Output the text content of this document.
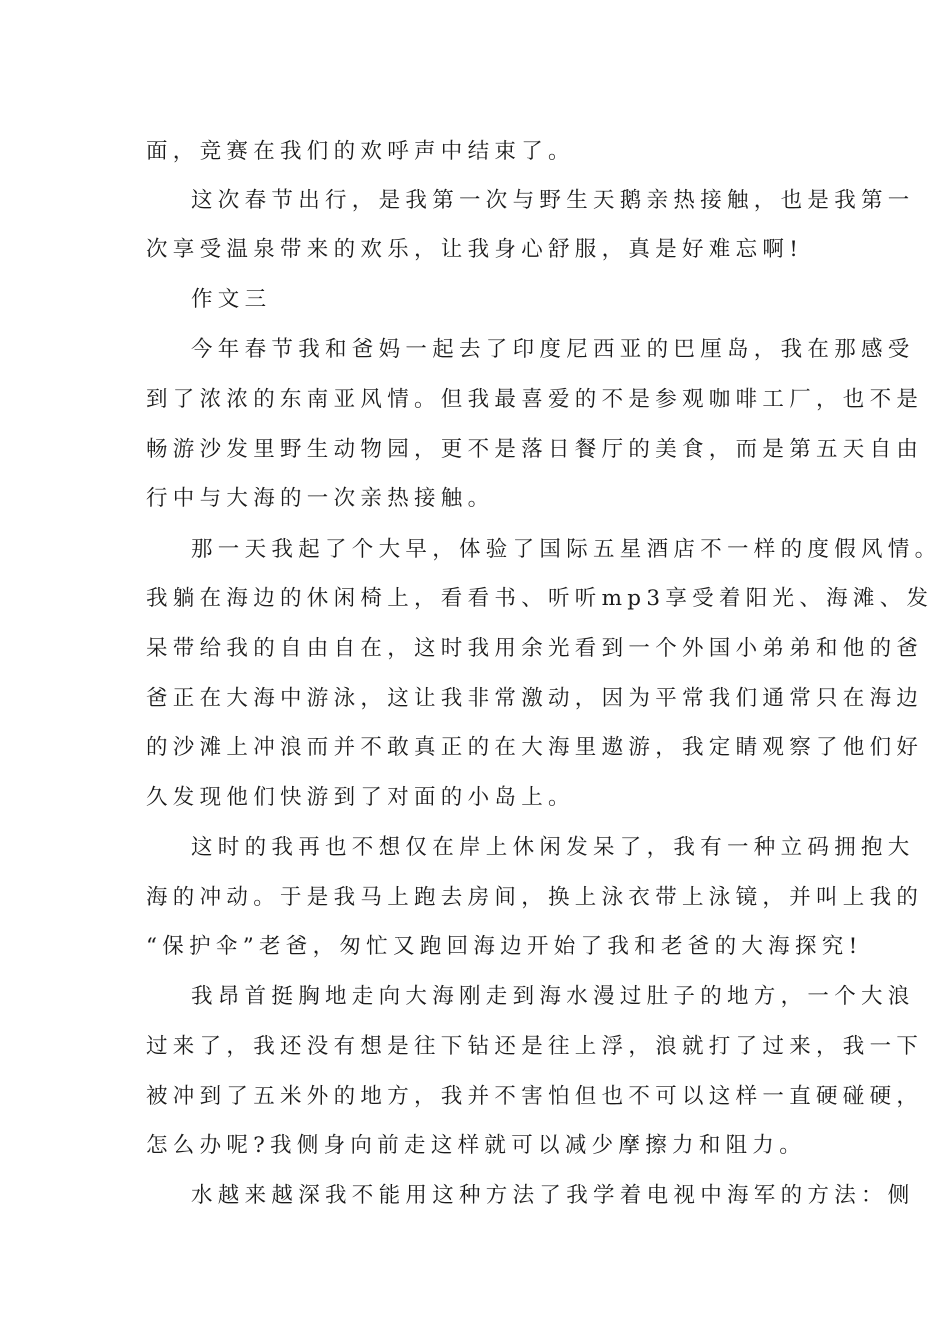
面，竞赛在我们的欢呼声中结束了。
这次春节出行，是我第一次与野生天鹅亲热接触，也是我第一
次享受温泉带来的欢乐，让我身心舒服，真是好难忘啊!
作文三
今年春节我和爸妈一起去了印度尼西亚的巴厘岛，我在那感受
到了浓浓的东南亚风情。但我最喜爱的不是参观咖啡工厂，也不是
畅游沙发里野生动物园，更不是落日餐厅的美食，而是第五天自由
行中与大海的一次亲热接触。
那一天我起了个大早，体验了国际五星酒店不一样的度假风情。
我躺在海边的休闲椅上，看看书、听听mp3享受着阳光、海滩、发
呆带给我的自由自在，这时我用余光看到一个外国小弟弟和他的爸
爸正在大海中游泳，这让我非常激动，因为平常我们通常只在海边
的沙滩上冲浪而并不敢真正的在大海里遨游，我定睛观察了他们好
久发现他们快游到了对面的小岛上。
这时的我再也不想仅在岸上休闲发呆了，我有一种立码拥抱大
海的冲动。于是我马上跑去房间，换上泳衣带上泳镜，并叫上我的
“保护伞”老爸，匆忙又跑回海边开始了我和老爸的大海探究!
我昂首挺胸地走向大海刚走到海水漫过肚子的地方，一个大浪
过来了，我还没有想是往下钻还是往上浮，浪就打了过来，我一下
被冲到了五米外的地方，我并不害怕但也不可以这样一直硬碰硬，
怎么办呢?我侧身向前走这样就可以减少摩擦力和阻力。
水越来越深我不能用这种方法了我学着电视中海军的方法：侧
